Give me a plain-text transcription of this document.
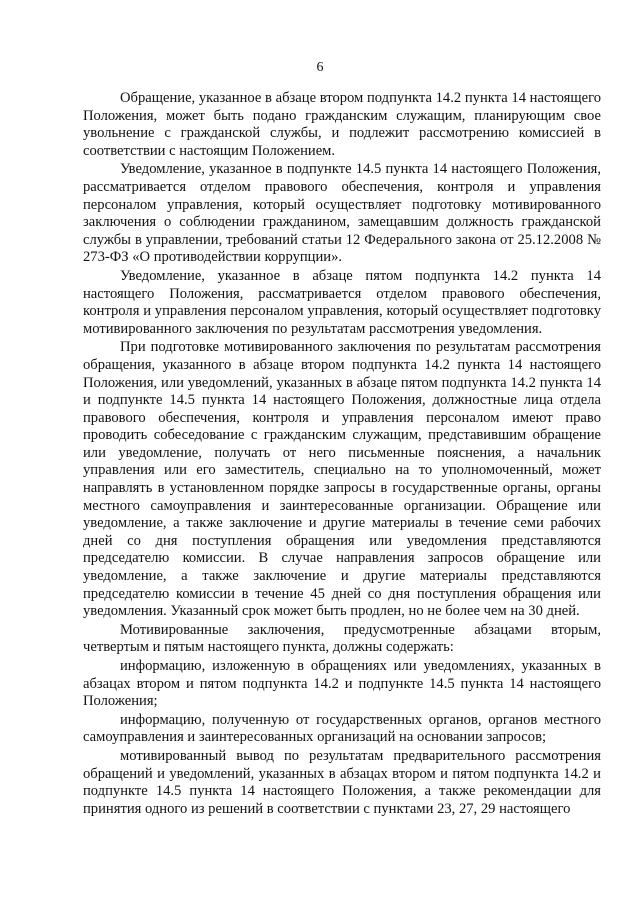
6

Обращение, указанное в абзаце втором подпункта 14.2 пункта 14 настоящего Положения, может быть подано гражданским служащим, планирующим свое увольнение с гражданской службы, и подлежит рассмотрению комиссией в соответствии с настоящим Положением.

Уведомление, указанное в подпункте 14.5 пункта 14 настоящего Положения, рассматривается отделом правового обеспечения, контроля и управления персоналом управления, который осуществляет подготовку мотивированного заключения о соблюдении гражданином, замещавшим должность гражданской службы в управлении, требований статьи 12 Федерального закона от 25.12.2008 № 273-ФЗ «О противодействии коррупции».

Уведомление, указанное в абзаце пятом подпункта 14.2 пункта 14 настоящего Положения, рассматривается отделом правового обеспечения, контроля и управления персоналом управления, который осуществляет подготовку мотивированного заключения по результатам рассмотрения уведомления.

При подготовке мотивированного заключения по результатам рассмотрения обращения, указанного в абзаце втором подпункта 14.2 пункта 14 настоящего Положения, или уведомлений, указанных в абзаце пятом подпункта 14.2 пункта 14 и подпункте 14.5 пункта 14 настоящего Положения, должностные лица отдела правового обеспечения, контроля и управления персоналом имеют право проводить собеседование с гражданским служащим, представившим обращение или уведомление, получать от него письменные пояснения, а начальник управления или его заместитель, специально на то уполномоченный, может направлять в установленном порядке запросы в государственные органы, органы местного самоуправления и заинтересованные организации. Обращение или уведомление, а также заключение и другие материалы в течение семи рабочих дней со дня поступления обращения или уведомления представляются председателю комиссии. В случае направления запросов обращение или уведомление, а также заключение и другие материалы представляются председателю комиссии в течение 45 дней со дня поступления обращения или уведомления. Указанный срок может быть продлен, но не более чем на 30 дней.

Мотивированные заключения, предусмотренные абзацами вторым, четвертым и пятым настоящего пункта, должны содержать:

информацию, изложенную в обращениях или уведомлениях, указанных в абзацах втором и пятом подпункта 14.2 и подпункте 14.5 пункта 14 настоящего Положения;

информацию, полученную от государственных органов, органов местного самоуправления и заинтересованных организаций на основании запросов;

мотивированный вывод по результатам предварительного рассмотрения обращений и уведомлений, указанных в абзацах втором и пятом подпункта 14.2 и подпункте 14.5 пункта 14 настоящего Положения, а также рекомендации для принятия одного из решений в соответствии с пунктами 23, 27, 29 настоящего
